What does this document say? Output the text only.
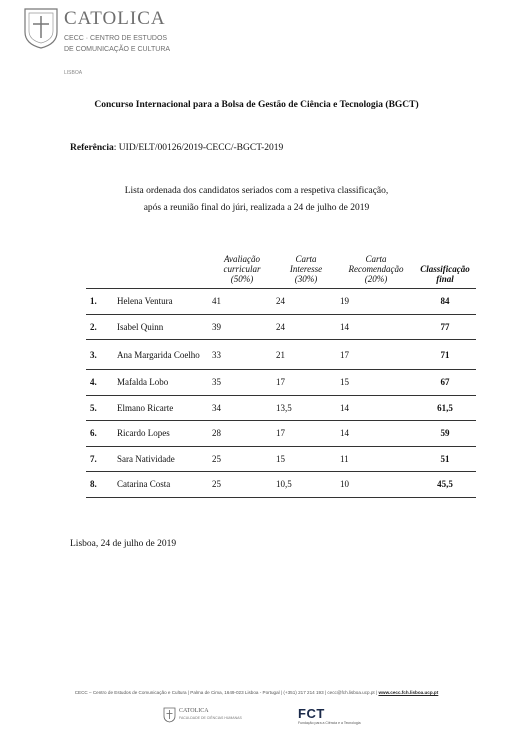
CATOLICA
CECC · CENTRO DE ESTUDOS
DE COMUNICAÇÃO E CULTURA
LISBOA
Concurso Internacional para a Bolsa de Gestão de Ciência e Tecnologia (BGCT)
Referência: UID/ELT/00126/2019-CECC/-BGCT-2019
Lista ordenada dos candidatos seriados com a respetiva classificação,
após a reunião final do júri, realizada a 24 de julho de 2019
		Avaliação
curricular
(50%)	Carta
Interesse
(30%)	Carta
Recomendação
(20%)	Classificação
final
1.	Helena Ventura	41	24	19	84
2.	Isabel Quinn	39	24	14	77
3.	Ana Margarida Coelho	33	21	17	71
4.	Mafalda Lobo	35	17	15	67
5.	Elmano Ricarte	34	13,5	14	61,5
6.	Ricardo Lopes	28	17	14	59
7.	Sara Natividade	25	15	11	51
8.	Catarina Costa	25	10,5	10	45,5
Lisboa, 24 de julho de 2019
CECC – Centro de Estudos de Comunicação e Cultura | Palma de Cima, 1649-023 Lisboa - Portugal | (+351) 217 214 193 | cecc@fch.lisboa.ucp.pt | www.cecc.fch.lisboa.ucp.pt
CATOLICA
FACULDADE DE CIÊNCIAS HUMANAS	FCT
Fundação para a Ciência e a Tecnologia
